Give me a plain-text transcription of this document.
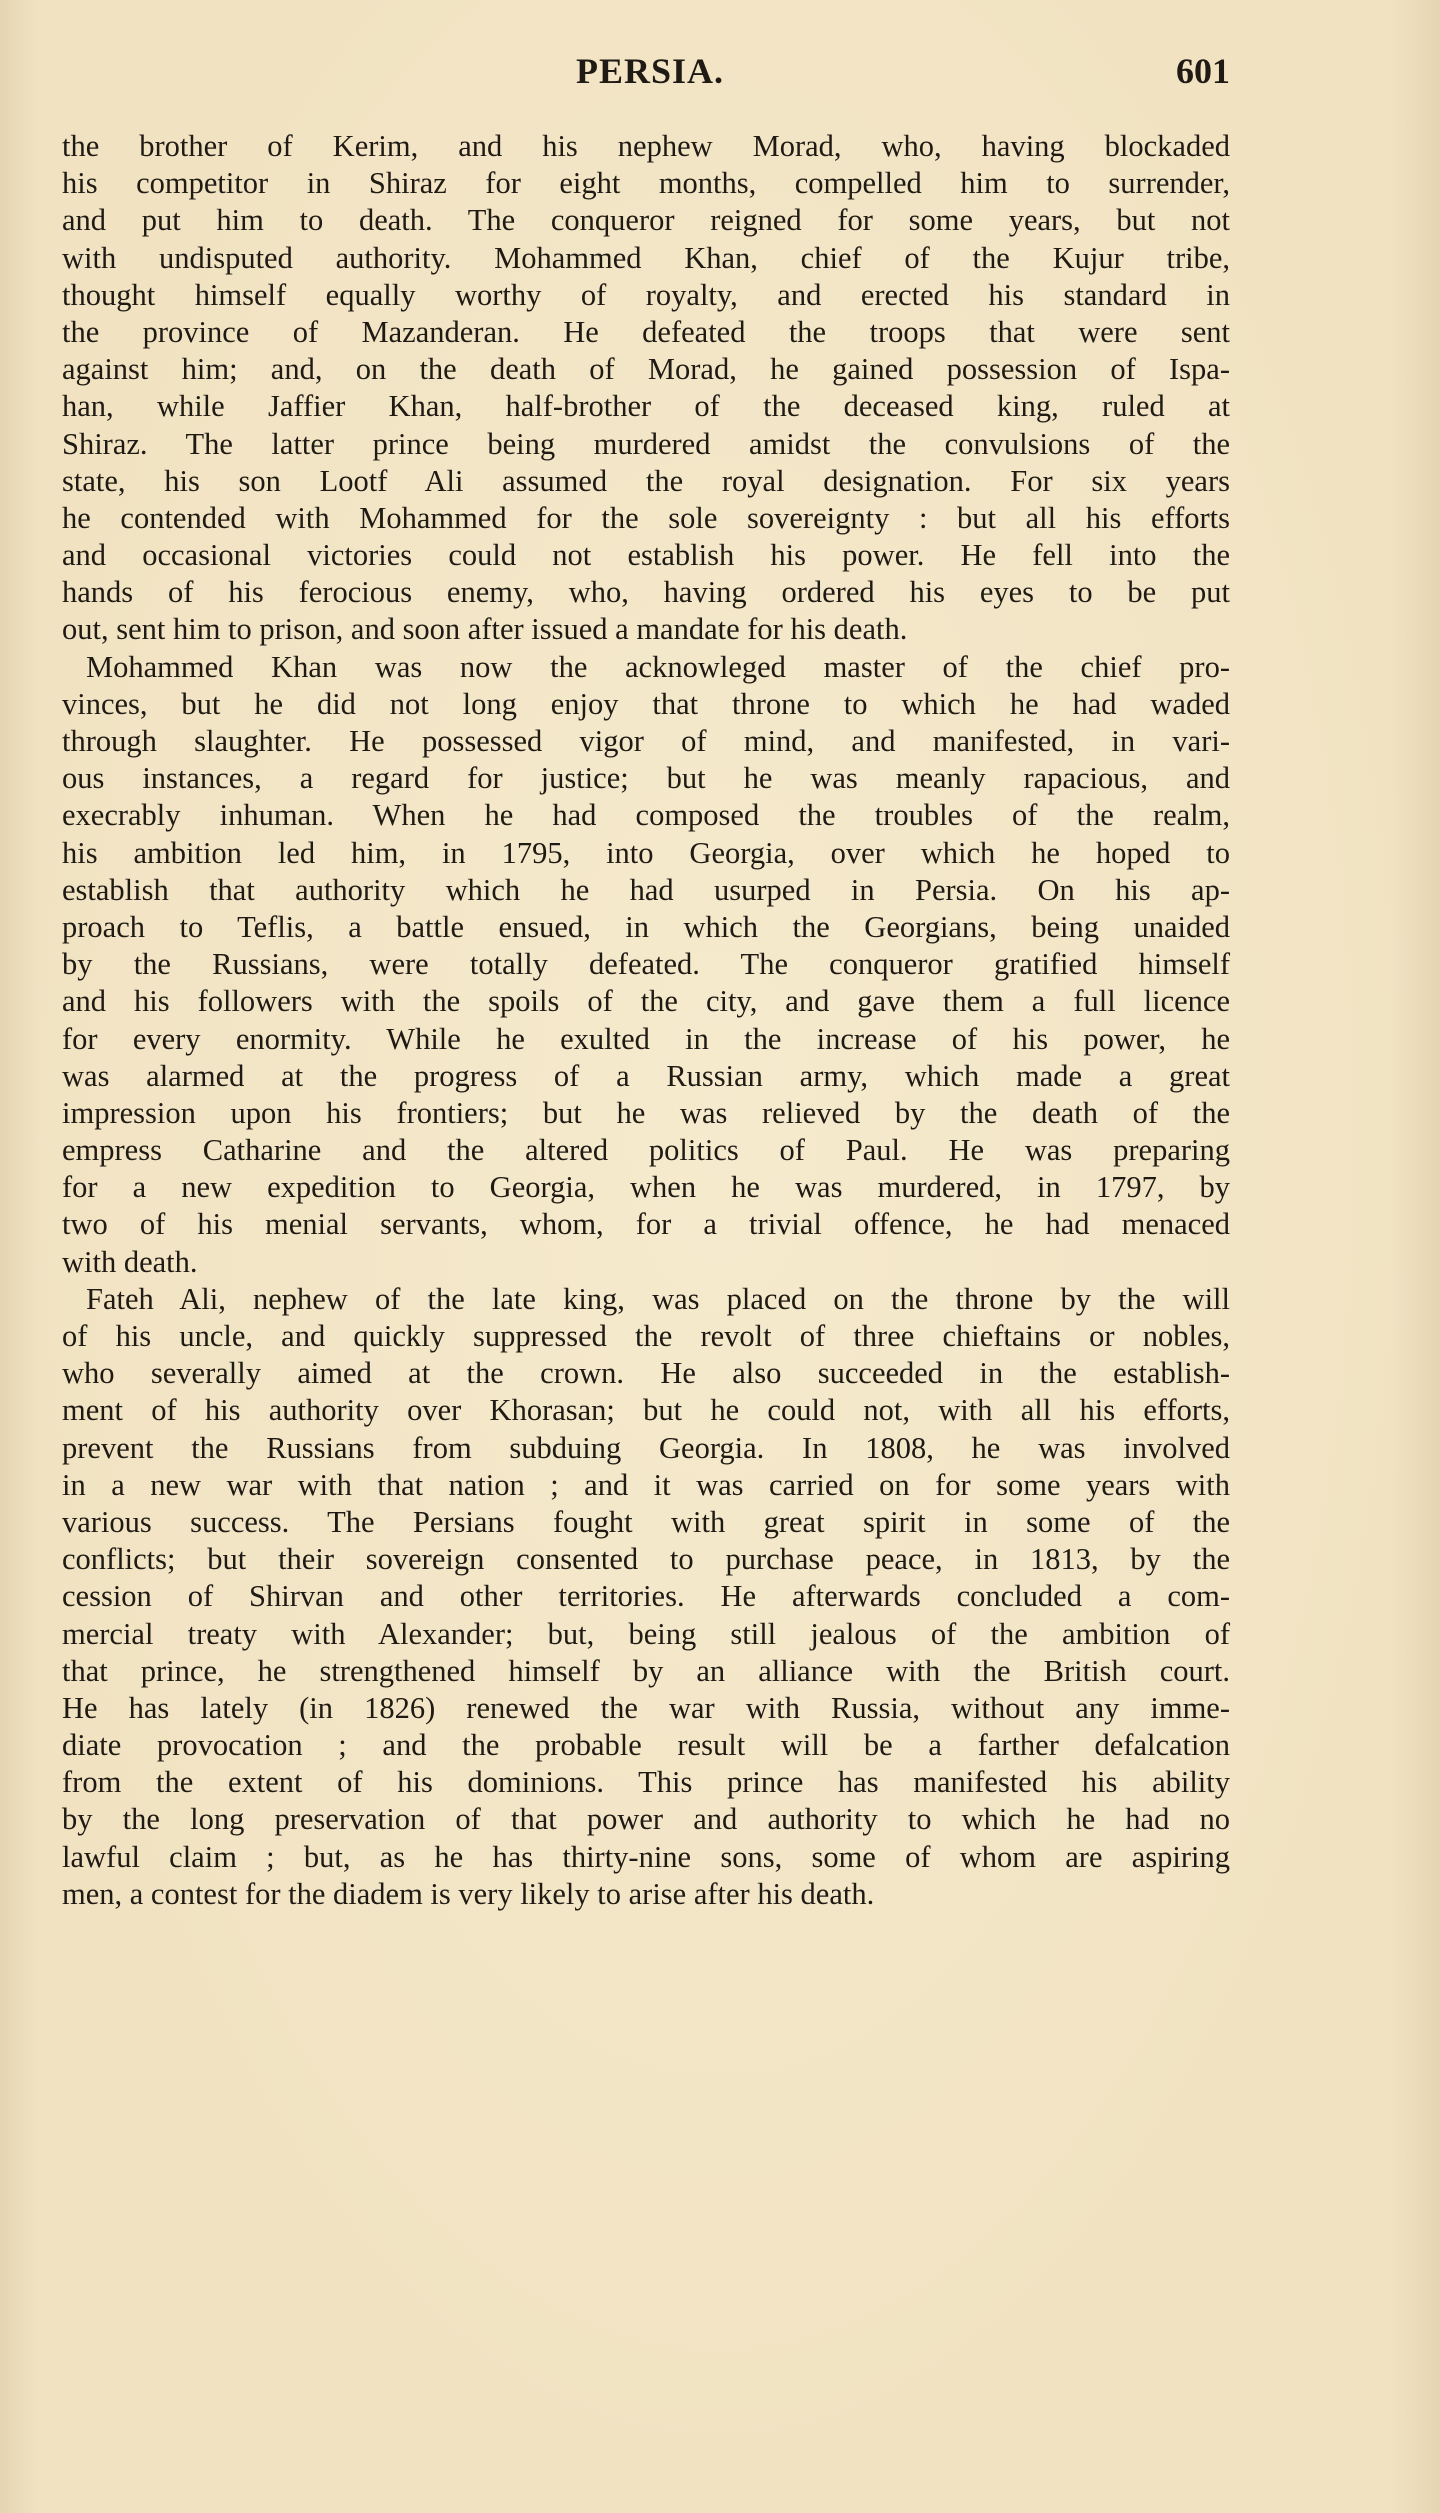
PERSIA.	601
the brother of Kerim, and his nephew Morad, who, having blockaded
his competitor in Shiraz for eight months, compelled him to surrender,
and put him to death. The conqueror reigned for some years, but not
with undisputed authority. Mohammed Khan, chief of the Kujur tribe,
thought himself equally worthy of royalty, and erected his standard in
the province of Mazanderan. He defeated the troops that were sent
against him; and, on the death of Morad, he gained possession of Ispa-
han, while Jaffier Khan, half-brother of the deceased king, ruled at
Shiraz. The latter prince being murdered amidst the convulsions of the
state, his son Lootf Ali assumed the royal designation. For six years
he contended with Mohammed for the sole sovereignty : but all his efforts
and occasional victories could not establish his power. He fell into the
hands of his ferocious enemy, who, having ordered his eyes to be put
out, sent him to prison, and soon after issued a mandate for his death.
Mohammed Khan was now the acknowleged master of the chief pro-
vinces, but he did not long enjoy that throne to which he had waded
through slaughter. He possessed vigor of mind, and manifested, in vari-
ous instances, a regard for justice; but he was meanly rapacious, and
execrably inhuman. When he had composed the troubles of the realm,
his ambition led him, in 1795, into Georgia, over which he hoped to
establish that authority which he had usurped in Persia. On his ap-
proach to Teflis, a battle ensued, in which the Georgians, being unaided
by the Russians, were totally defeated. The conqueror gratified himself
and his followers with the spoils of the city, and gave them a full licence
for every enormity. While he exulted in the increase of his power, he
was alarmed at the progress of a Russian army, which made a great
impression upon his frontiers; but he was relieved by the death of the
empress Catharine and the altered politics of Paul. He was preparing
for a new expedition to Georgia, when he was murdered, in 1797, by
two of his menial servants, whom, for a trivial offence, he had menaced
with death.
Fateh Ali, nephew of the late king, was placed on the throne by the will
of his uncle, and quickly suppressed the revolt of three chieftains or nobles,
who severally aimed at the crown. He also succeeded in the establish-
ment of his authority over Khorasan; but he could not, with all his efforts,
prevent the Russians from subduing Georgia. In 1808, he was involved
in a new war with that nation ; and it was carried on for some years with
various success. The Persians fought with great spirit in some of the
conflicts; but their sovereign consented to purchase peace, in 1813, by the
cession of Shirvan and other territories. He afterwards concluded a com-
mercial treaty with Alexander; but, being still jealous of the ambition of
that prince, he strengthened himself by an alliance with the British court.
He has lately (in 1826) renewed the war with Russia, without any imme-
diate provocation ; and the probable result will be a farther defalcation
from the extent of his dominions. This prince has manifested his ability
by the long preservation of that power and authority to which he had no
lawful claim ; but, as he has thirty-nine sons, some of whom are aspiring
men, a contest for the diadem is very likely to arise after his death.
